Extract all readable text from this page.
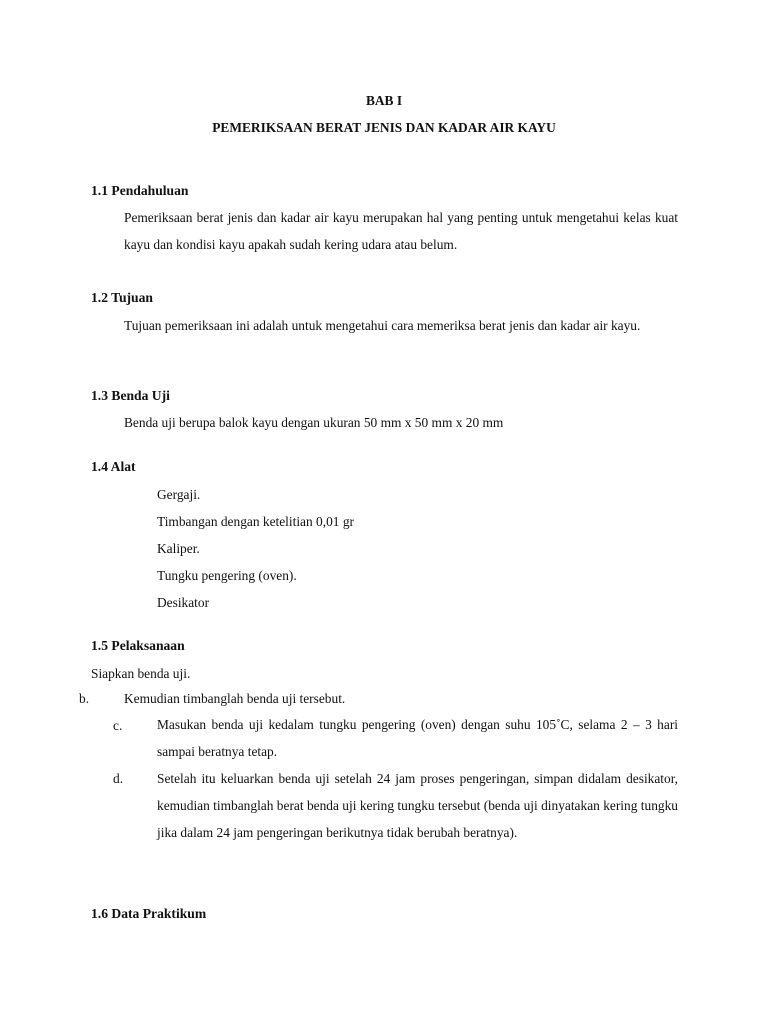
BAB I
PEMERIKSAAN BERAT JENIS DAN KADAR AIR KAYU
1.1 Pendahuluan
Pemeriksaan berat jenis dan kadar air kayu merupakan hal yang penting untuk mengetahui kelas kuat kayu dan kondisi kayu apakah sudah kering udara atau belum.
1.2 Tujuan
Tujuan pemeriksaan ini adalah untuk mengetahui cara memeriksa berat jenis dan kadar air kayu.
1.3 Benda Uji
Benda uji berupa balok kayu dengan ukuran 50 mm x 50 mm x 20 mm
1.4 Alat
Gergaji.
Timbangan dengan ketelitian 0,01 gr
Kaliper.
Tungku pengering (oven).
Desikator
1.5 Pelaksanaan
Siapkan benda uji.
b.	Kemudian timbanglah benda uji tersebut.
c.	Masukan benda uji kedalam tungku pengering (oven) dengan suhu 105˚C, selama 2 – 3 hari sampai beratnya tetap.
d.	Setelah itu keluarkan benda uji setelah 24 jam proses pengeringan, simpan didalam desikator, kemudian timbanglah berat benda uji kering tungku tersebut (benda uji dinyatakan kering tungku jika dalam 24 jam pengeringan berikutnya tidak berubah beratnya).
1.6 Data Praktikum
